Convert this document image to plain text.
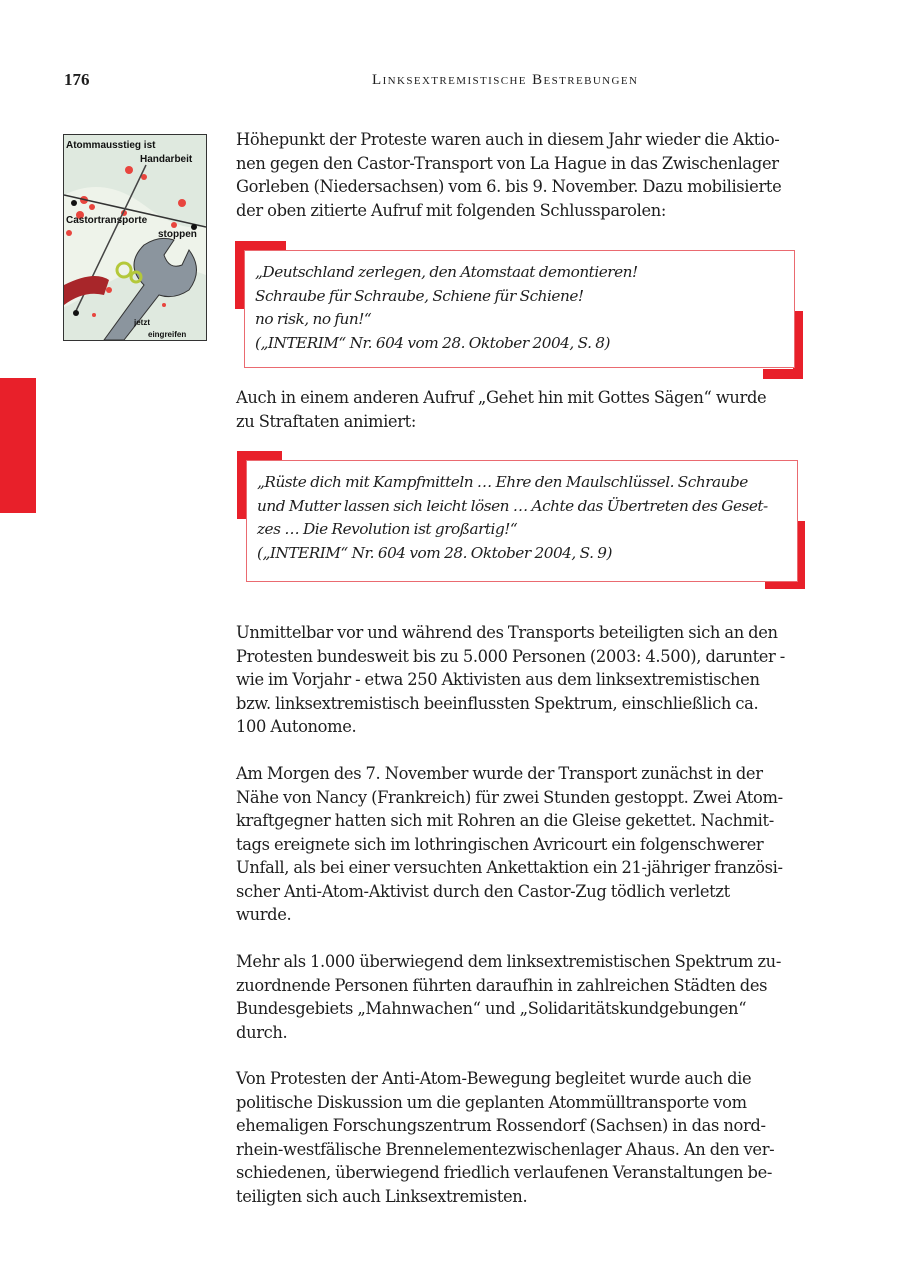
176	Linksextremistische Bestrebungen
Atommausstieg ist
Handarbeit
Castortransporte
stoppen
jetzt
eingreifen
Höhepunkt der Proteste waren auch in diesem Jahr wieder die Aktio-
nen gegen den Castor-Transport von La Hague in das Zwischenlager
Gorleben (Niedersachsen) vom 6. bis 9. November. Dazu mobilisierte
der oben zitierte Aufruf mit folgenden Schlussparolen:
„Deutschland zerlegen, den Atomstaat demontieren!
Schraube für Schraube, Schiene für Schiene!
no risk, no fun!“
(„INTERIM“ Nr. 604 vom 28. Oktober 2004, S. 8)
Auch in einem anderen Aufruf „Gehet hin mit Gottes Sägen“ wurde
zu Straftaten animiert:
„Rüste dich mit Kampfmitteln … Ehre den Maulschlüssel. Schraube
und Mutter lassen sich leicht lösen … Achte das Übertreten des Geset-
zes … Die Revolution ist großartig!“
(„INTERIM“ Nr. 604 vom 28. Oktober 2004, S. 9)
Unmittelbar vor und während des Transports beteiligten sich an den
Protesten bundesweit bis zu 5.000 Personen (2003: 4.500), darunter -
wie im Vorjahr - etwa 250 Aktivisten aus dem linksextremistischen
bzw. linksextremistisch beeinflussten Spektrum, einschließlich ca.
100 Autonome.
Am Morgen des 7. November wurde der Transport zunächst in der
Nähe von Nancy (Frankreich) für zwei Stunden gestoppt. Zwei Atom-
kraftgegner hatten sich mit Rohren an die Gleise gekettet. Nachmit-
tags ereignete sich im lothringischen Avricourt ein folgenschwerer
Unfall, als bei einer versuchten Ankettaktion ein 21-jähriger französi-
scher Anti-Atom-Aktivist durch den Castor-Zug tödlich verletzt
wurde.
Mehr als 1.000 überwiegend dem linksextremistischen Spektrum zu-
zuordnende Personen führten daraufhin in zahlreichen Städten des
Bundesgebiets „Mahnwachen“ und „Solidaritätskundgebungen“
durch.
Von Protesten der Anti-Atom-Bewegung begleitet wurde auch die
politische Diskussion um die geplanten Atommülltransporte vom
ehemaligen Forschungszentrum Rossendorf (Sachsen) in das nord-
rhein-westfälische Brennelementezwischenlager Ahaus. An den ver-
schiedenen, überwiegend friedlich verlaufenen Veranstaltungen be-
teiligten sich auch Linksextremisten.
